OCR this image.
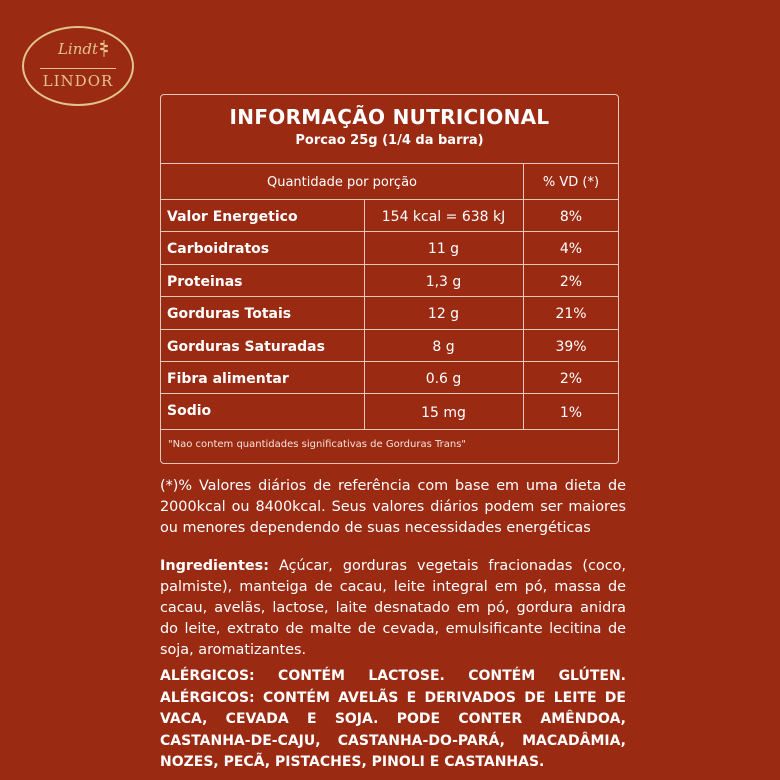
Lindt
LINDOR
INFORMAÇÃO NUTRICIONAL
Porcao 25g (1/4 da barra)
Quantidade por porção	% VD (*)
Valor Energetico	154 kcal = 638 kJ	8%
Carboidratos	11 g	4%
Proteinas	1,3 g	2%
Gorduras Totais	12 g	21%
Gorduras Saturadas	8 g	39%
Fibra alimentar	0.6 g	2%
Sodio	15 mg	1%
"Nao contem quantidades significativas de Gorduras Trans"
(*)% Valores diários de referência com base em uma dieta de 2000kcal ou 8400kcal. Seus valores diários podem ser maiores ou menores dependendo de suas necessidades energéticas
Ingredientes: Açúcar, gorduras vegetais fracionadas (coco, palmiste), manteiga de cacau, leite integral em pó, massa de cacau, avelãs, lactose, laite desnatado em pó, gordura anidra do leite, extrato de malte de cevada, emulsificante lecitina de soja, aromatizantes.
ALÉRGICOS: CONTÉM LACTOSE. CONTÉM GLÚTEN.
ALÉRGICOS: CONTÉM AVELÃS E DERIVADOS DE LEITE DE
VACA, CEVADA E SOJA. PODE CONTER AMÊNDOA,
CASTANHA-DE-CAJU, CASTANHA-DO-PARÁ, MACADÂMIA,
NOZES, PECÃ, PISTACHES, PINOLI E CASTANHAS.
